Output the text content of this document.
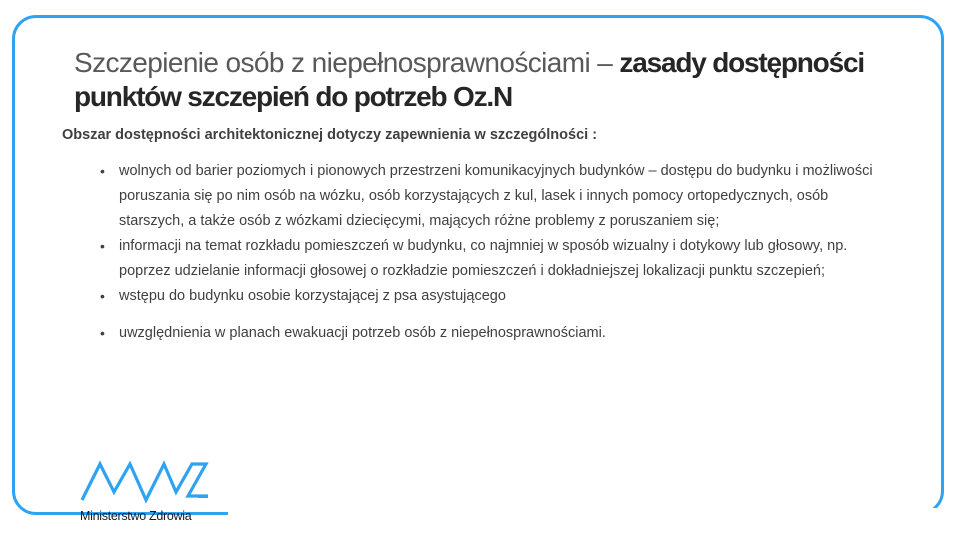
Szczepienie osób z niepełnosprawnościami – zasady dostępności punktów szczepień do potrzeb Oz.N

Obszar dostępności architektonicznej dotyczy zapewnienia w szczególności :

• wolnych od barier poziomych i pionowych przestrzeni komunikacyjnych budynków – dostępu do budynku i możliwości poruszania się po nim osób na wózku, osób korzystających z kul, lasek i innych pomocy ortopedycznych, osób starszych, a także osób z wózkami dziecięcymi, mających różne problemy z poruszaniem się;
• informacji na temat rozkładu pomieszczeń w budynku, co najmniej w sposób wizualny i dotykowy lub głosowy, np. poprzez udzielanie informacji głosowej o rozkładzie pomieszczeń i dokładniejszej lokalizacji punktu szczepień;
• wstępu do budynku osobie korzystającej z psa asystującego
• uwzględnienia w planach ewakuacji potrzeb osób z niepełnosprawnościami.
Ministerstwo Zdrowia
